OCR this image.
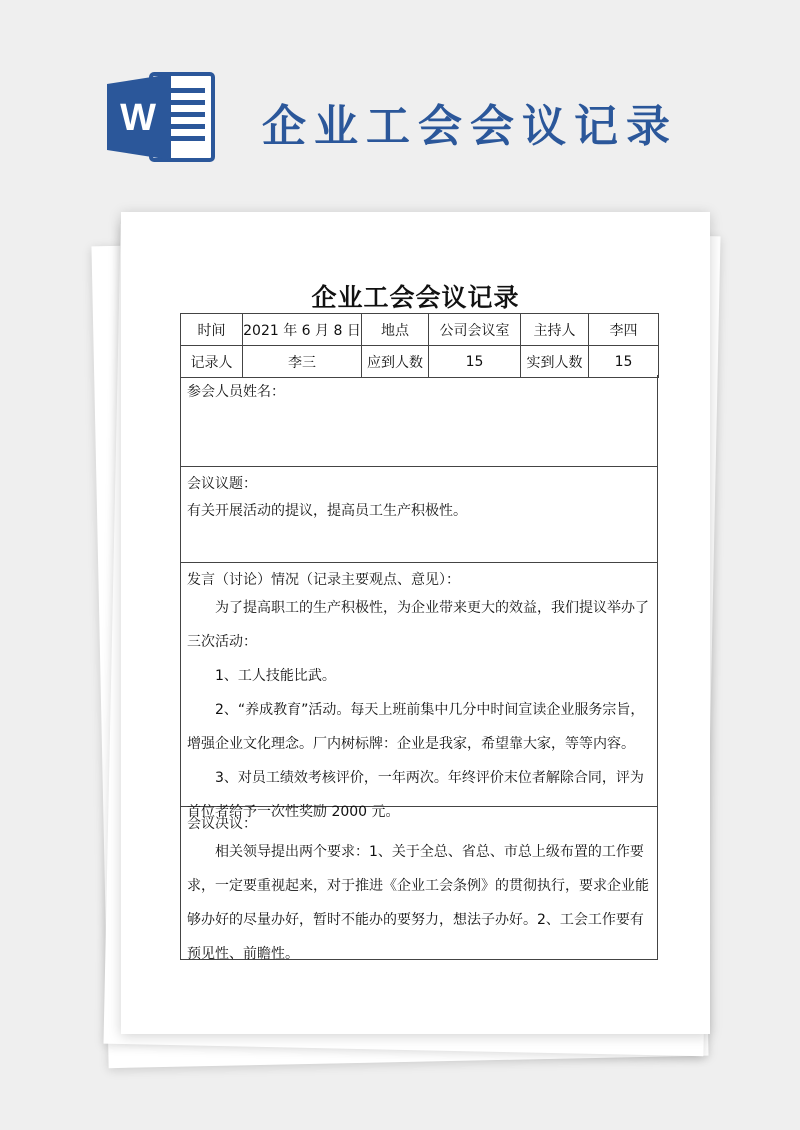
W 企业工会会议记录
企业工会会议记录
时间	2021 年 6 月 8 日	地点	公司会议室	主持人	李四
记录人	李三	应到人数	15	实到人数	15
参会人员姓名：
会议议题：
有关开展活动的提议，提高员工生产积极性。
发言（讨论）情况（记录主要观点、意见）：

为了提高职工的生产积极性，为企业带来更大的效益，我们提议举办了三次活动：

1、工人技能比武。

2、“养成教育”活动。每天上班前集中几分中时间宣读企业服务宗旨，增强企业文化理念。厂内树标牌：企业是我家，希望靠大家，等等内容。

3、对员工绩效考核评价，一年两次。年终评价末位者解除合同，评为首位者给予一次性奖励 2000 元。

会议决议：

相关领导提出两个要求：1、关于全总、省总、市总上级布置的工作要求，一定要重视起来，对于推进《企业工会条例》的贯彻执行，要求企业能够办好的尽量办好，暂时不能办的要努力，想法子办好。2、工会工作要有预见性、前瞻性。
